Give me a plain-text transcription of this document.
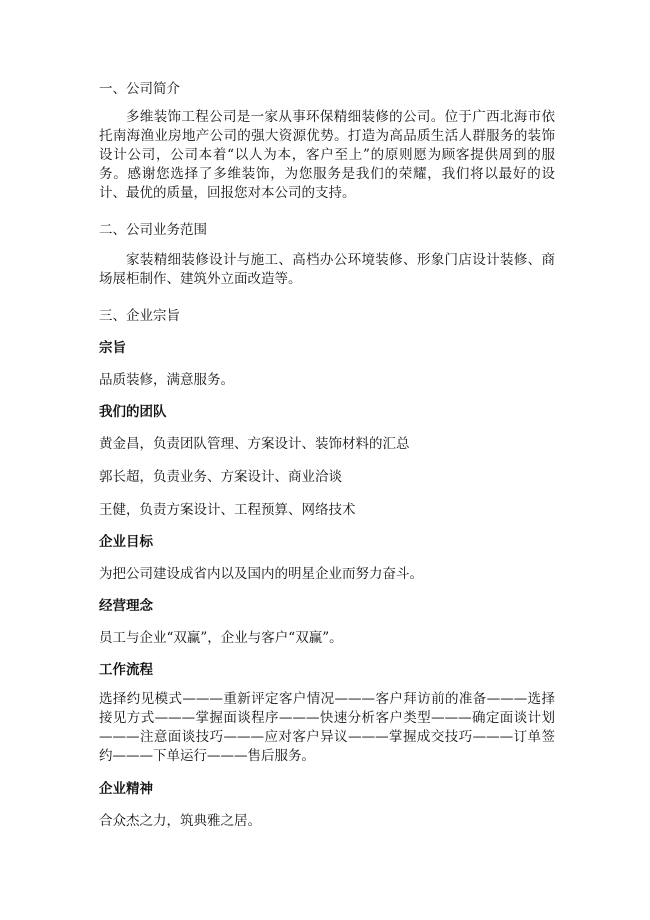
一、公司简介

多维装饰工程公司是一家从事环保精细装修的公司。位于广西北海市依托南海渔业房地产公司的强大资源优势。打造为高品质生活人群服务的装饰设计公司，公司本着“以人为本，客户至上”的原则愿为顾客提供周到的服务。感谢您选择了多维装饰，为您服务是我们的荣耀，我们将以最好的设计、最优的质量，回报您对本公司的支持。

二、公司业务范围

家装精细装修设计与施工、高档办公环境装修、形象门店设计装修、商场展柜制作、建筑外立面改造等。

三、企业宗旨
宗旨

品质装修，满意服务。

我们的团队

黄金昌，负责团队管理、方案设计、装饰材料的汇总

郭长超，负责业务、方案设计、商业洽谈

王健，负责方案设计、工程预算、网络技术

企业目标

为把公司建设成省内以及国内的明星企业而努力奋斗。

经营理念

员工与企业“双赢”，企业与客户“双赢”。

工作流程

选择约见模式———重新评定客户情况———客户拜访前的准备———选择接见方式———掌握面谈程序———快速分析客户类型———确定面谈计划———注意面谈技巧———应对客户异议———掌握成交技巧———订单签约———下单运行———售后服务。

企业精神

合众杰之力，筑典雅之居。
